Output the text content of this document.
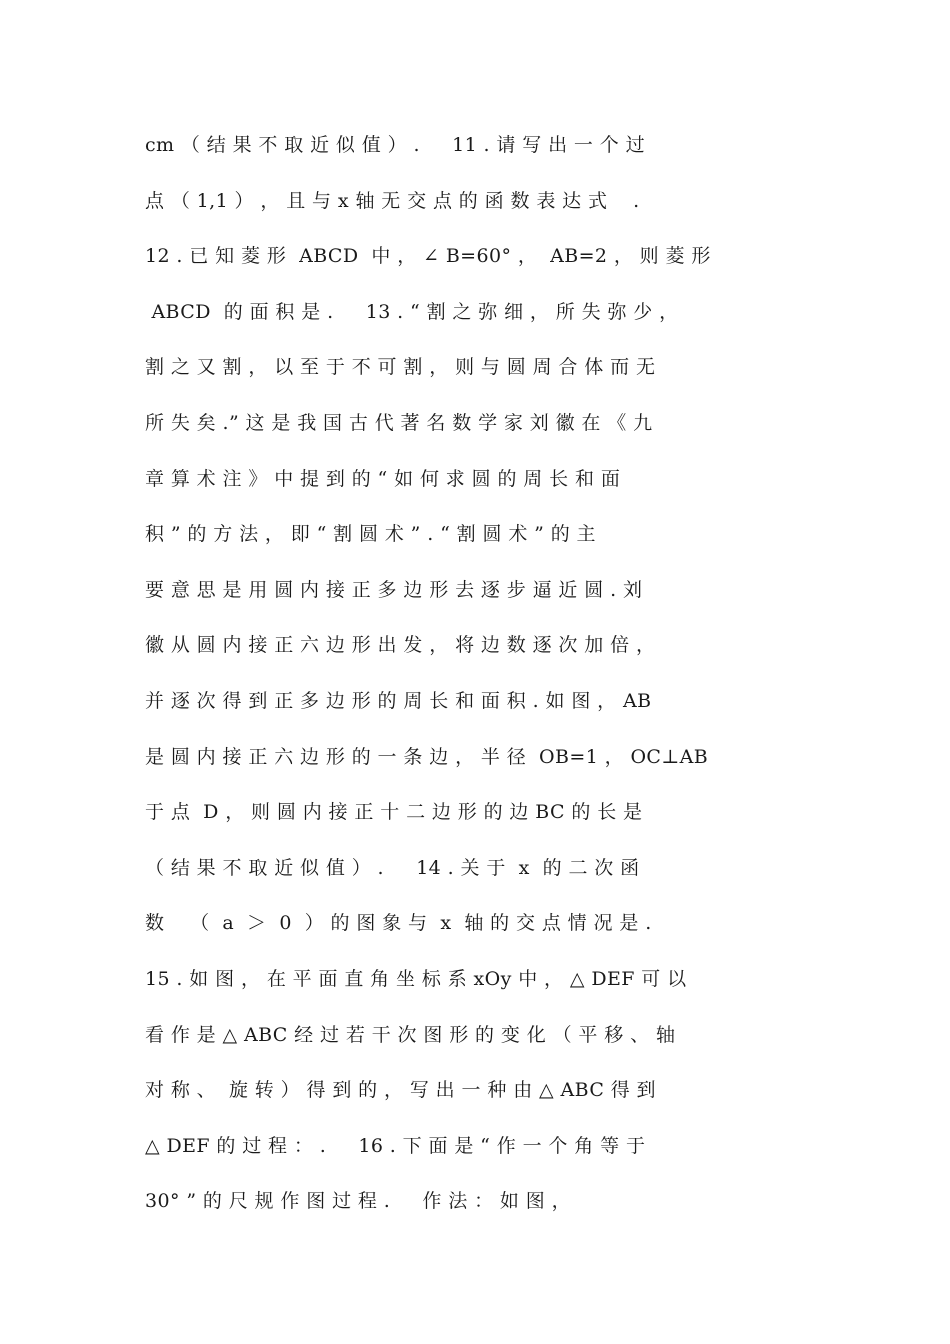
cm （ 结 果 不 取 近 似 值 ） .     11 . 请 写 出 一 个 过
点 （ 1,1 ） ， 且 与 x 轴 无 交 点 的 函 数 表 达 式    .
12 . 已 知 菱 形  ABCD  中 ， ∠ B=60° ，  AB=2 ， 则 菱 形
ABCD  的 面 积 是 .     13 . “ 割 之 弥 细 ， 所 失 弥 少 ，
割 之 又 割 ， 以 至 于 不 可 割 ， 则 与 圆 周 合 体 而 无
所 失 矣 .” 这 是 我 国 古 代 著 名 数 学 家 刘 徽 在 《 九
章 算 术 注 》 中 提 到 的 “ 如 何 求 圆 的 周 长 和 面
积 ” 的 方 法 ， 即 “ 割 圆 术 ” . “ 割 圆 术 ” 的 主
要 意 思 是 用 圆 内 接 正 多 边 形 去 逐 步 逼 近 圆 . 刘
徽 从 圆 内 接 正 六 边 形 出 发 ， 将 边 数 逐 次 加 倍 ，
并 逐 次 得 到 正 多 边 形 的 周 长 和 面 积 . 如 图 ， AB
是 圆 内 接 正 六 边 形 的 一 条 边 ， 半 径  OB=1 ， OC⊥AB
于 点  D ， 则 圆 内 接 正 十 二 边 形 的 边 BC 的 长 是
（ 结 果 不 取 近 似 值 ） .     14 . 关 于  x  的 二 次 函
数    （  a  ＞  0  ） 的 图 象 与  x  轴 的 交 点 情 况 是 .
15 . 如 图 ， 在 平 面 直 角 坐 标 系 xOy 中 ， △ DEF 可 以
看 作 是 △ ABC 经 过 若 干 次 图 形 的 变 化 （ 平 移 、 轴
对 称 、  旋 转 ） 得 到 的 ， 写 出 一 种 由 △ ABC 得 到
△ DEF 的 过 程 ： .     16 . 下 面 是 “ 作 一 个 角 等 于
30° ” 的 尺 规 作 图 过 程 .     作 法 ： 如 图 ，
